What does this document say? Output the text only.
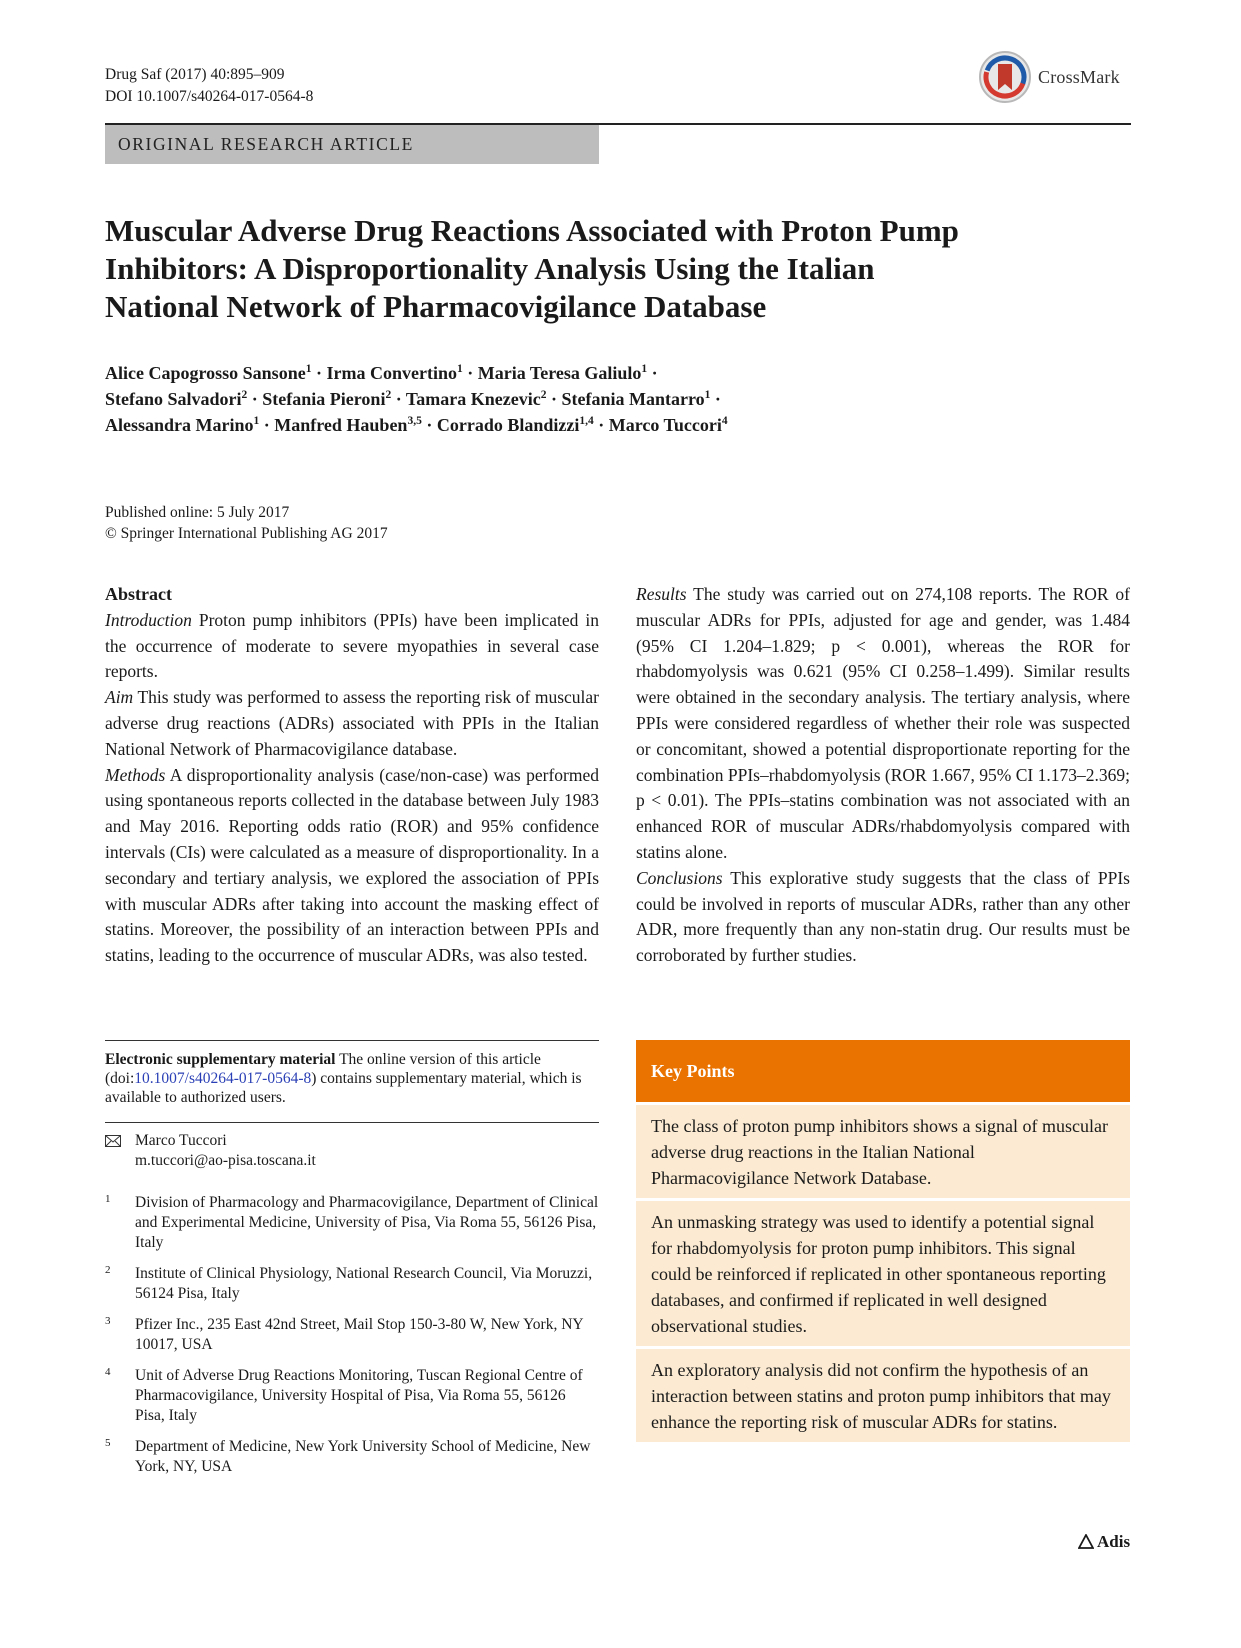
Drug Saf (2017) 40:895–909
DOI 10.1007/s40264-017-0564-8
CrossMark
ORIGINAL RESEARCH ARTICLE
Muscular Adverse Drug Reactions Associated with Proton Pump
Inhibitors: A Disproportionality Analysis Using the Italian
National Network of Pharmacovigilance Database
Alice Capogrosso Sansone$^1$ · Irma Convertino$^1$ · Maria Teresa Galiulo$^1$ ·
Stefano Salvadori$^2$ · Stefania Pieroni$^2$ · Tamara Knezevic$^2$ · Stefania Mantarro$^1$ ·
Alessandra Marino$^1$ · Manfred Hauben$^{3,5}$ · Corrado Blandizzi$^{1,4}$ · Marco Tuccori$^4$
Published online: 5 July 2017
© Springer International Publishing AG 2017
Abstract

Introduction Proton pump inhibitors (PPIs) have been implicated in the occurrence of moderate to severe myopathies in several case reports.

Aim This study was performed to assess the reporting risk of muscular adverse drug reactions (ADRs) associated with PPIs in the Italian National Network of Pharmacovigilance database.

Methods A disproportionality analysis (case/non-case) was performed using spontaneous reports collected in the database between July 1983 and May 2016. Reporting odds ratio (ROR) and 95% confidence intervals (CIs) were calculated as a measure of disproportionality. In a secondary and tertiary analysis, we explored the association of PPIs with muscular ADRs after taking into account the masking effect of statins. Moreover, the possibility of an interaction between PPIs and statins, leading to the occurrence of muscular ADRs, was also tested.

Results The study was carried out on 274,108 reports. The ROR of muscular ADRs for PPIs, adjusted for age and gender, was 1.484 (95% CI 1.204–1.829; p < 0.001), whereas the ROR for rhabdomyolysis was 0.621 (95% CI 0.258–1.499). Similar results were obtained in the secondary analysis. The tertiary analysis, where PPIs were considered regardless of whether their role was suspected or concomitant, showed a potential disproportionate reporting for the combination PPIs–rhabdomyolysis (ROR 1.667, 95% CI 1.173–2.369; p < 0.01). The PPIs–statins combination was not associated with an enhanced ROR of muscular ADRs/rhabdomyolysis compared with statins alone.

Conclusions This explorative study suggests that the class of PPIs could be involved in reports of muscular ADRs, rather than any other ADR, more frequently than any non-statin drug. Our results must be corroborated by further studies.

Electronic supplementary material The online version of this article (doi:10.1007/s40264-017-0564-8) contains supplementary material, which is available to authorized users.
Marco Tuccori
m.tuccori@ao-pisa.toscana.it
1 Division of Pharmacology and Pharmacovigilance, Department of Clinical and Experimental Medicine, University of Pisa, Via Roma 55, 56126 Pisa, Italy
2 Institute of Clinical Physiology, National Research Council, Via Moruzzi, 56124 Pisa, Italy
3 Pfizer Inc., 235 East 42nd Street, Mail Stop 150-3-80 W, New York, NY 10017, USA
4 Unit of Adverse Drug Reactions Monitoring, Tuscan Regional Centre of Pharmacovigilance, University Hospital of Pisa, Via Roma 55, 56126 Pisa, Italy
5 Department of Medicine, New York University School of Medicine, New York, NY, USA
Key Points
The class of proton pump inhibitors shows a signal of muscular adverse drug reactions in the Italian National Pharmacovigilance Network Database.
An unmasking strategy was used to identify a potential signal for rhabdomyolysis for proton pump inhibitors. This signal could be reinforced if replicated in other spontaneous reporting databases, and confirmed if replicated in well designed observational studies.
An exploratory analysis did not confirm the hypothesis of an interaction between statins and proton pump inhibitors that may enhance the reporting risk of muscular ADRs for statins.
Adis
